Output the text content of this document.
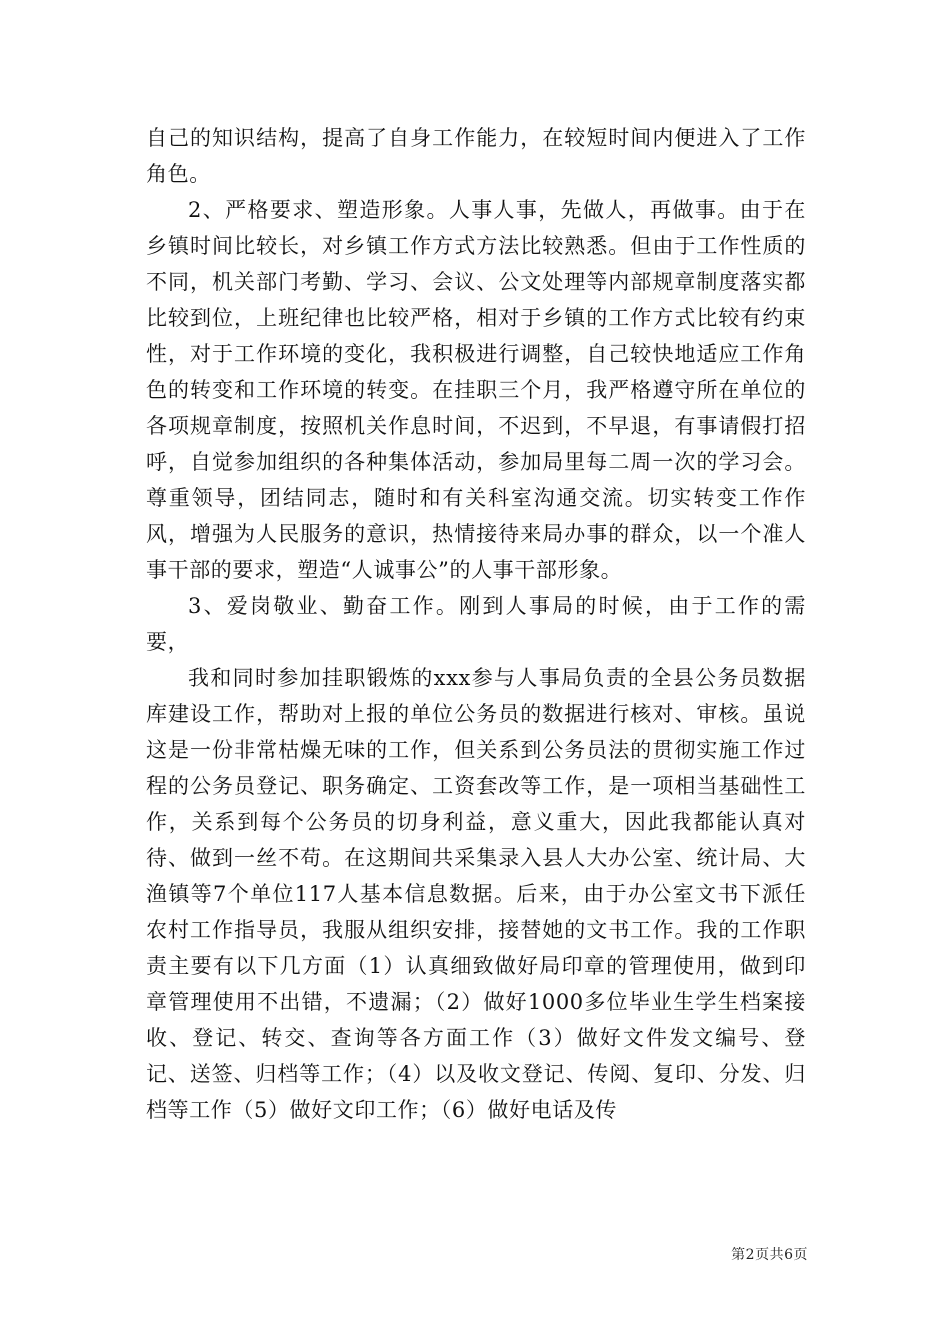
自己的知识结构，提高了自身工作能力，在较短时间内便进入了工作角色。

2、严格要求、塑造形象。人事人事，先做人，再做事。由于在乡镇时间比较长，对乡镇工作方式方法比较熟悉。但由于工作性质的不同，机关部门考勤、学习、会议、公文处理等内部规章制度落实都比较到位，上班纪律也比较严格，相对于乡镇的工作方式比较有约束性，对于工作环境的变化，我积极进行调整，自己较快地适应工作角色的转变和工作环境的转变。在挂职三个月，我严格遵守所在单位的各项规章制度，按照机关作息时间，不迟到，不早退，有事请假打招呼，自觉参加组织的各种集体活动，参加局里每二周一次的学习会。尊重领导，团结同志，随时和有关科室沟通交流。切实转变工作作风，增强为人民服务的意识，热情接待来局办事的群众，以一个准人事干部的要求，塑造“人诚事公”的人事干部形象。

3、爱岗敬业、勤奋工作。刚到人事局的时候，由于工作的需要，

我和同时参加挂职锻炼的xxx参与人事局负责的全县公务员数据库建设工作，帮助对上报的单位公务员的数据进行核对、审核。虽说这是一份非常枯燥无味的工作，但关系到公务员法的贯彻实施工作过程的公务员登记、职务确定、工资套改等工作，是一项相当基础性工作，关系到每个公务员的切身利益，意义重大，因此我都能认真对待、做到一丝不苟。在这期间共采集录入县人大办公室、统计局、大渔镇等7个单位117人基本信息数据。后来，由于办公室文书下派任农村工作指导员，我服从组织安排，接替她的文书工作。我的工作职责主要有以下几方面（1）认真细致做好局印章的管理使用，做到印章管理使用不出错，不遗漏；（2）做好1000多位毕业生学生档案接收、登记、转交、查询等各方面工作（3）做好文件发文编号、登记、送签、归档等工作；（4）以及收文登记、传阅、复印、分发、归档等工作（5）做好文印工作；（6）做好电话及传

第2页共6页
